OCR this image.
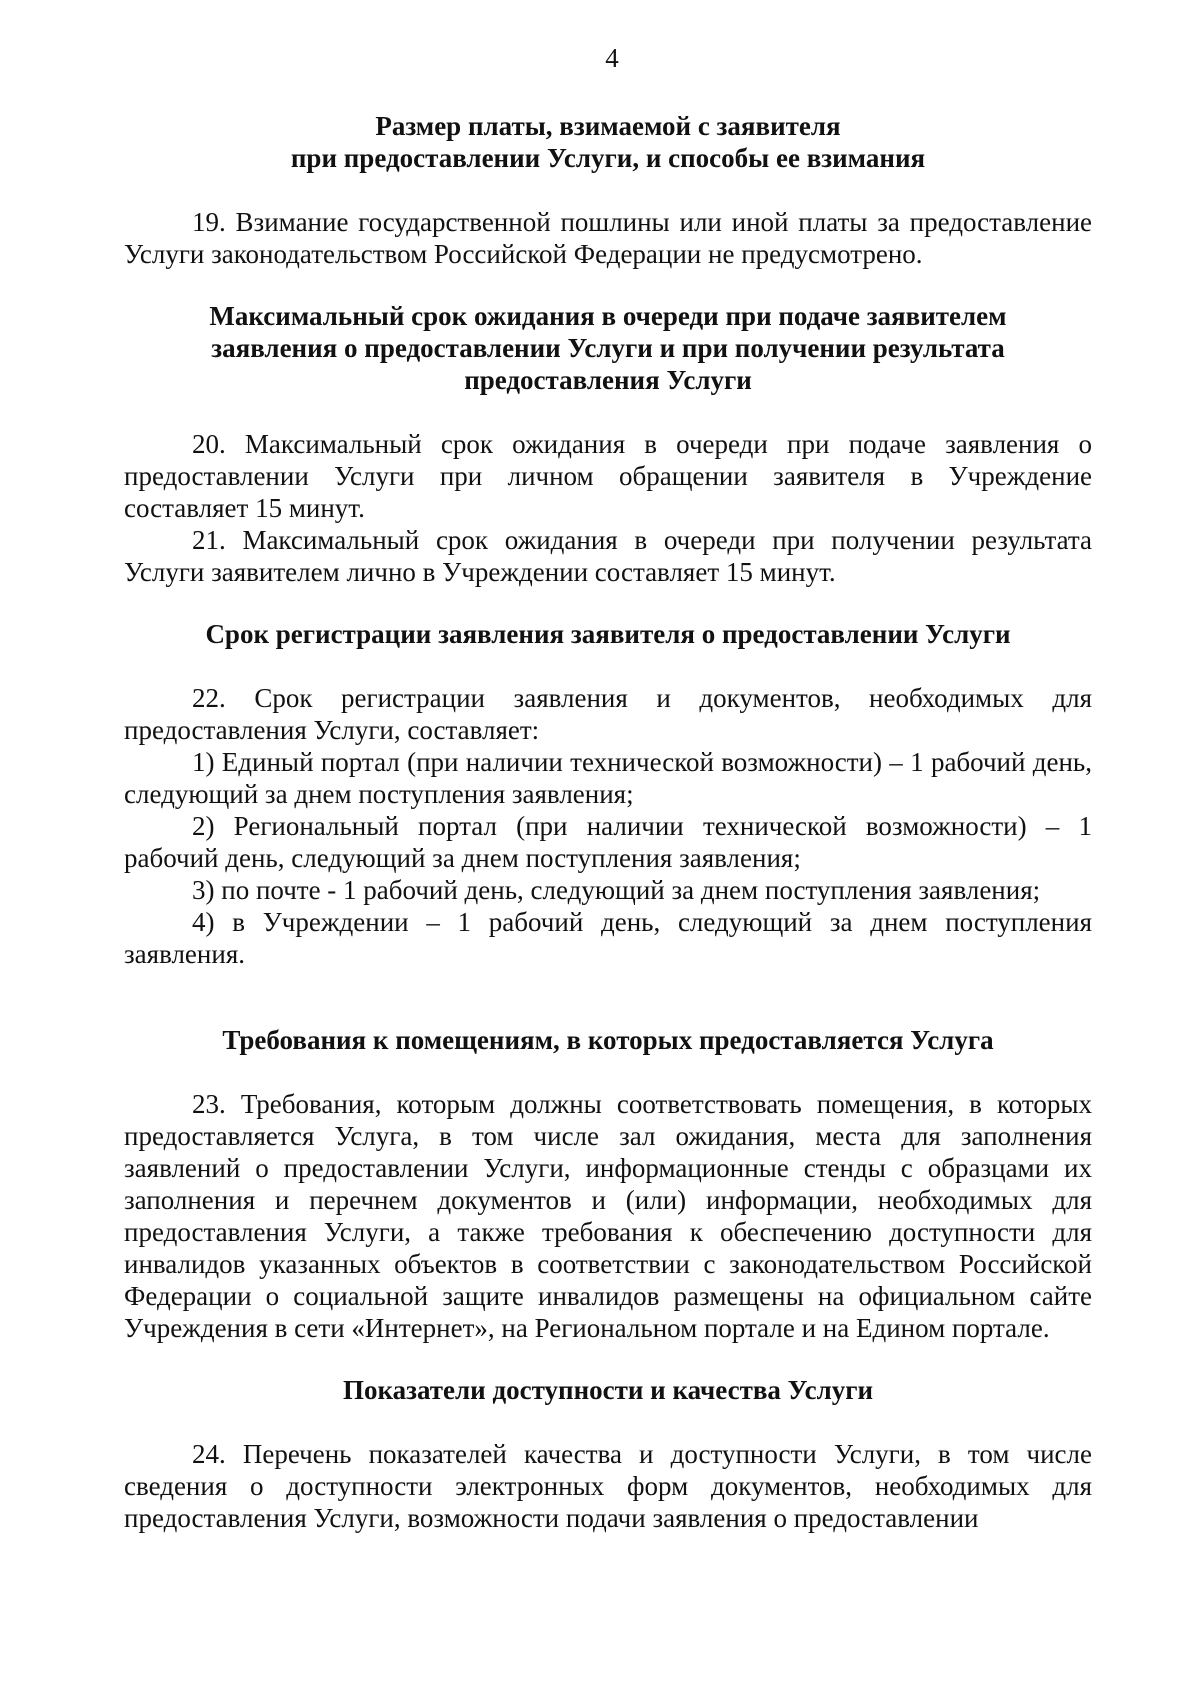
4

Размер платы, взимаемой с заявителя

при предоставлении Услуги, и способы ее взимания

19. Взимание государственной пошлины или иной платы за предоставление Услуги законодательством Российской Федерации не предусмотрено.

Максимальный срок ожидания в очереди при подаче заявителем

заявления о предоставлении Услуги и при получении результата

предоставления Услуги

20. Максимальный срок ожидания в очереди при подаче заявления о предоставлении Услуги при личном обращении заявителя в Учреждение составляет 15 минут.

21. Максимальный срок ожидания в очереди при получении результата Услуги заявителем лично в Учреждении составляет 15 минут.

Срок регистрации заявления заявителя о предоставлении Услуги

22. Срок регистрации заявления и документов, необходимых для предоставления Услуги, составляет:

1) Единый портал (при наличии технической возможности) – 1 рабочий день, следующий за днем поступления заявления;

2) Региональный портал (при наличии технической возможности) – 1 рабочий день, следующий за днем поступления заявления;

3) по почте - 1 рабочий день, следующий за днем поступления заявления;

4) в Учреждении – 1 рабочий день, следующий за днем поступления заявления.

Требования к помещениям, в которых предоставляется Услуга

23. Требования, которым должны соответствовать помещения, в которых предоставляется Услуга, в том числе зал ожидания, места для заполнения заявлений о предоставлении Услуги, информационные стенды с образцами их заполнения и перечнем документов и (или) информации, необходимых для предоставления Услуги, а также требования к обеспечению доступности для инвалидов указанных объектов в соответствии с законодательством Российской Федерации о социальной защите инвалидов размещены на официальном сайте Учреждения в сети «Интернет», на Региональном портале и на Едином портале.

Показатели доступности и качества Услуги

24. Перечень показателей качества и доступности Услуги, в том числе сведения о доступности электронных форм документов, необходимых для предоставления Услуги, возможности подачи заявления о предоставлении
